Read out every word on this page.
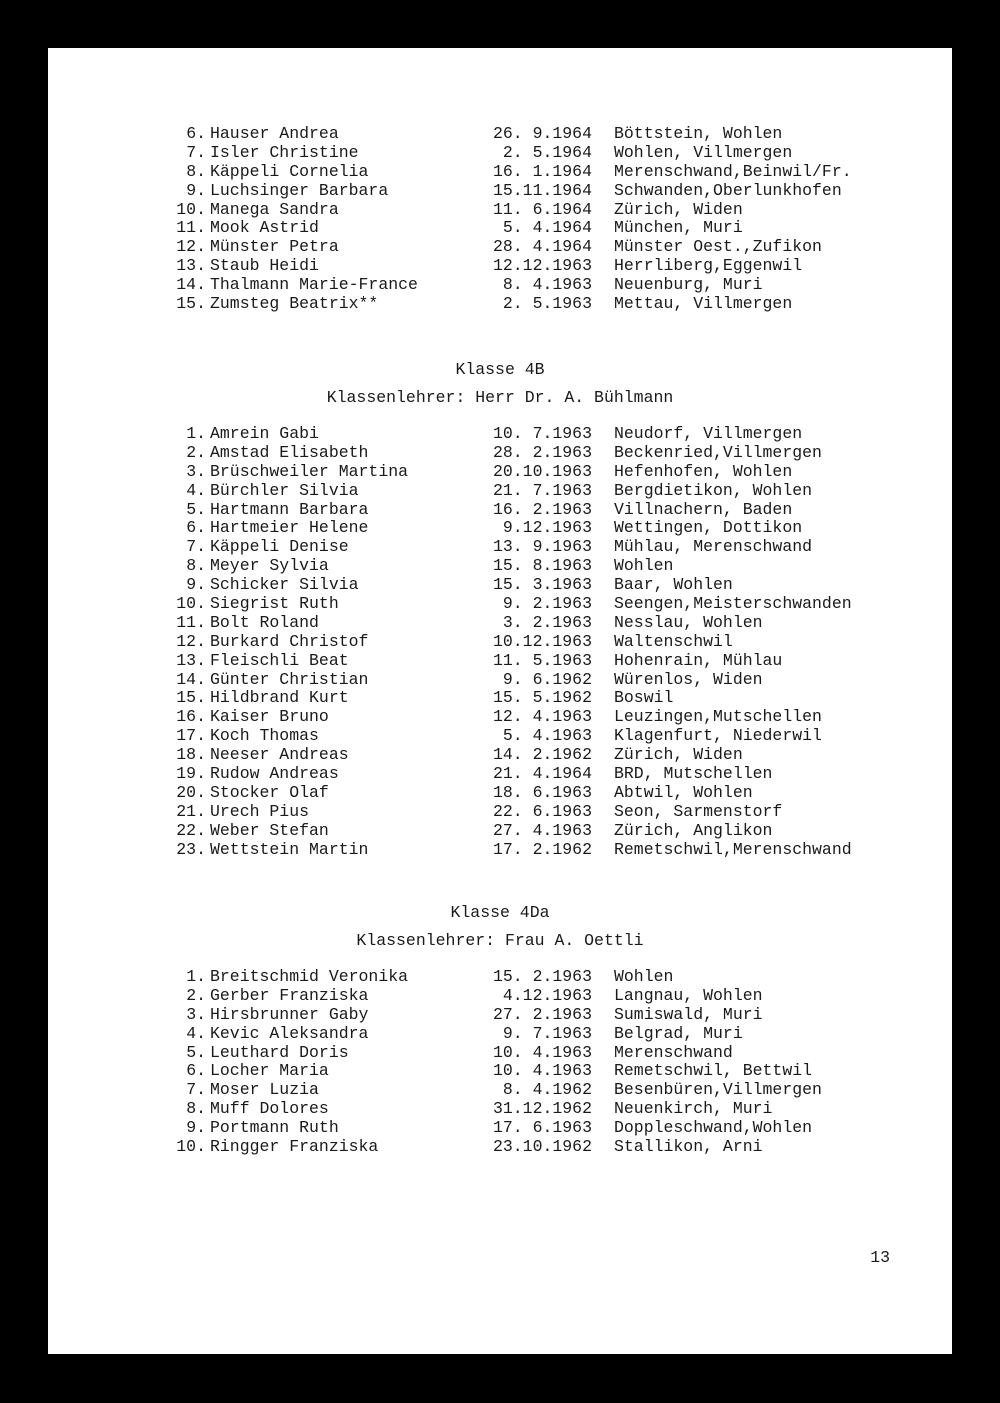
6. Hauser Andrea	26. 9.1964 Böttstein, Wohlen
7. Isler Christine	2. 5.1964 Wohlen, Villmergen
8. Käppeli Cornelia	16. 1.1964 Merenschwand,Beinwil/Fr.
9. Luchsinger Barbara	15.11.1964 Schwanden,Oberlunkhofen
10. Manega Sandra	11. 6.1964 Zürich, Widen
11. Mook Astrid	5. 4.1964 München, Muri
12. Münster Petra	28. 4.1964 Münster Oest.,Zufikon
13. Staub Heidi	12.12.1963 Herrliberg,Eggenwil
14. Thalmann Marie-France	8. 4.1963 Neuenburg, Muri
15. Zumsteg Beatrix**	2. 5.1963 Mettau, Villmergen
Klasse 4B
Klassenlehrer: Herr Dr. A. Bühlmann
1. Amrein Gabi	10. 7.1963 Neudorf, Villmergen
2. Amstad Elisabeth	28. 2.1963 Beckenried,Villmergen
3. Brüschweiler Martina	20.10.1963 Hefenhofen, Wohlen
4. Bürchler Silvia	21. 7.1963 Bergdietikon, Wohlen
5. Hartmann Barbara	16. 2.1963 Villnachern, Baden
6. Hartmeier Helene	9.12.1963 Wettingen, Dottikon
7. Käppeli Denise	13. 9.1963 Mühlau, Merenschwand
8. Meyer Sylvia	15. 8.1963 Wohlen
9. Schicker Silvia	15. 3.1963 Baar, Wohlen
10. Siegrist Ruth	9. 2.1963 Seengen,Meisterschwanden
11. Bolt Roland	3. 2.1963 Nesslau, Wohlen
12. Burkard Christof	10.12.1963 Waltenschwil
13. Fleischli Beat	11. 5.1963 Hohenrain, Mühlau
14. Günter Christian	9. 6.1962 Würenlos, Widen
15. Hildbrand Kurt	15. 5.1962 Boswil
16. Kaiser Bruno	12. 4.1963 Leuzingen,Mutschellen
17. Koch Thomas	5. 4.1963 Klagenfurt, Niederwil
18. Neeser Andreas	14. 2.1962 Zürich, Widen
19. Rudow Andreas	21. 4.1964 BRD, Mutschellen
20. Stocker Olaf	18. 6.1963 Abtwil, Wohlen
21. Urech Pius	22. 6.1963 Seon, Sarmenstorf
22. Weber Stefan	27. 4.1963 Zürich, Anglikon
23. Wettstein Martin	17. 2.1962 Remetschwil,Merenschwand
Klasse 4Da
Klassenlehrer: Frau A. Oettli
1. Breitschmid Veronika	15. 2.1963 Wohlen
2. Gerber Franziska	4.12.1963 Langnau, Wohlen
3. Hirsbrunner Gaby	27. 2.1963 Sumiswald, Muri
4. Kevic Aleksandra	9. 7.1963 Belgrad, Muri
5. Leuthard Doris	10. 4.1963 Merenschwand
6. Locher Maria	10. 4.1963 Remetschwil, Bettwil
7. Moser Luzia	8. 4.1962 Besenbüren,Villmergen
8. Muff Dolores	31.12.1962 Neuenkirch, Muri
9. Portmann Ruth	17. 6.1963 Doppleschwand,Wohlen
10. Ringger Franziska	23.10.1962 Stallikon, Arni
13
